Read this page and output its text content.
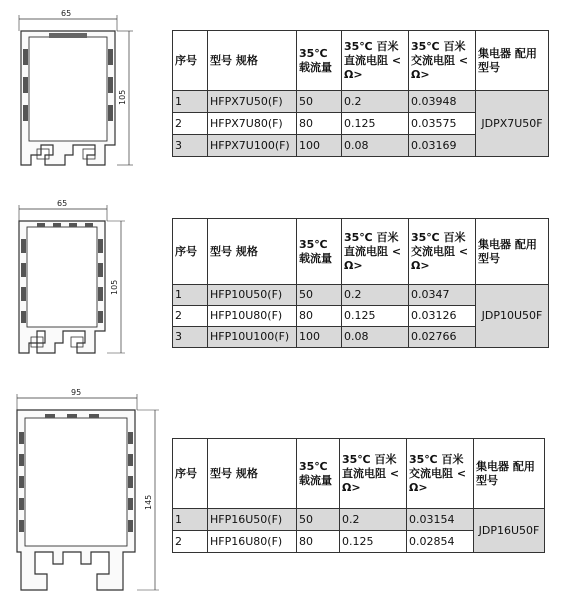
65
105
序号	型号 规格	35℃ 载流量	35℃ 百米 直流电阻 < Ω>	35℃ 百米 交流电阻 < Ω>	集电器 配用 型号
1	HFPX7U50(F)	50	0.2	0.03948	JDPX7U50F
2	HFPX7U80(F)	80	0.125	0.03575	
3	HFPX7U100(F)	100	0.08	0.03169	
65
105
序号	型号 规格	35℃ 载流量	35℃ 百米 直流电阻 < Ω>	35℃ 百米 交流电阻 < Ω>	集电器 配用 型号
1	HFP10U50(F)	50	0.2	0.0347	JDP10U50F
2	HFP10U80(F)	80	0.125	0.03126	
3	HFP10U100(F)	100	0.08	0.02766	
95
145
序号	型号 规格	35℃ 载流量	35℃ 百米 直流电阻 < Ω>	35℃ 百米 交流电阻 < Ω>	集电器 配用 型号
1	HFP16U50(F)	50	0.2	0.03154	JDP16U50F
2	HFP16U80(F)	80	0.125	0.02854	
